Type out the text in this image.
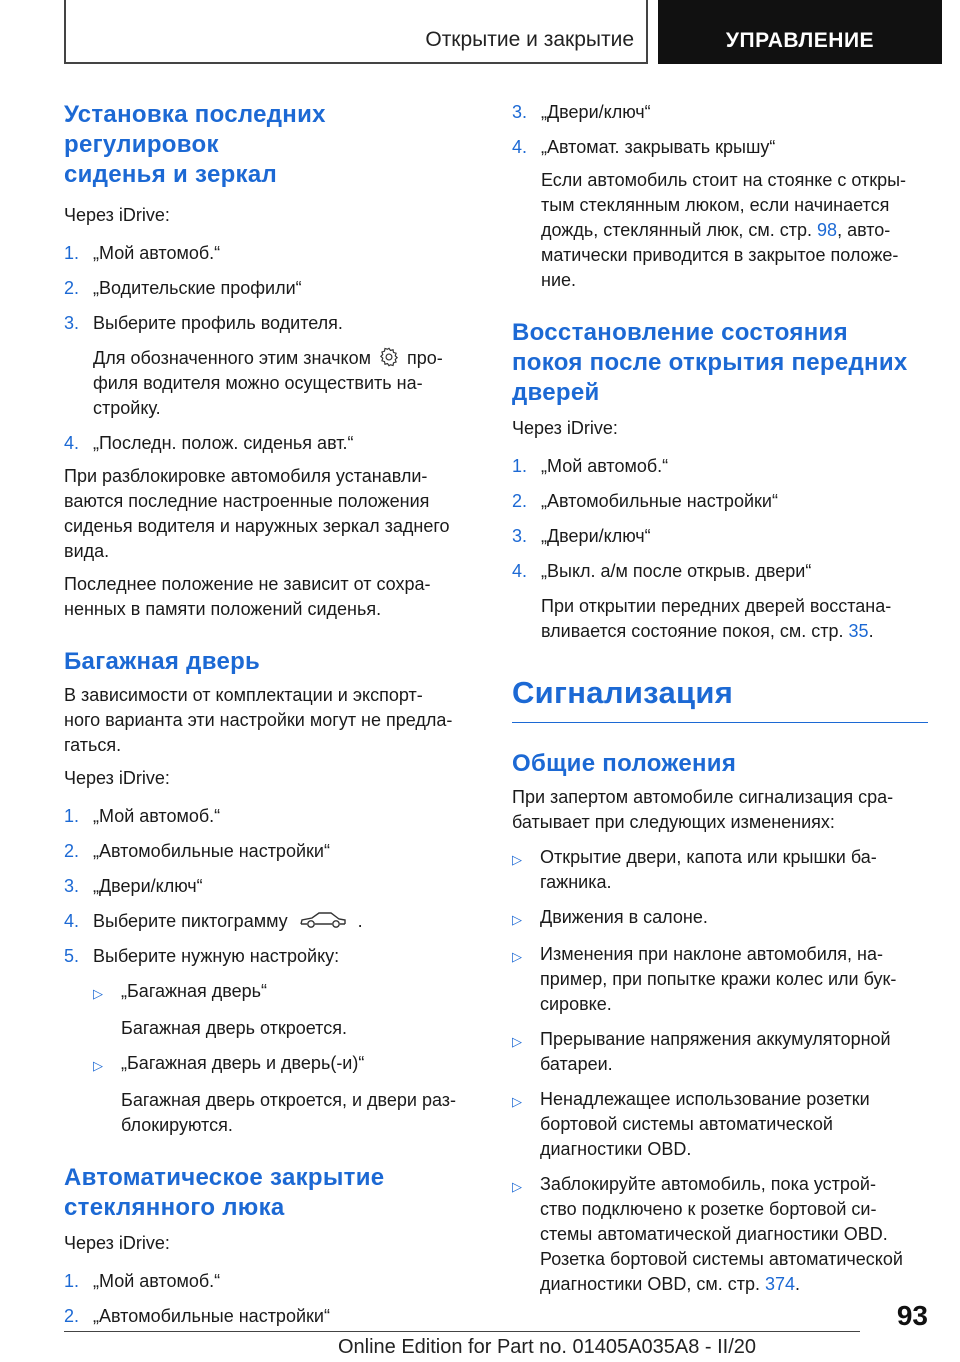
Открытие и закрытие	УПРАВЛЕНИЕ
Установка последних регулировок
сиденья и зеркал
Через iDrive:
1. „Мой автомоб.“
2. „Водительские профили“
3. Выберите профиль водителя.
Для обозначенного этим значком про-
филя водителя можно осуществить на-
стройку.
4. „Последн. полож. сиденья авт.“
При разблокировке автомобиля устанавли-
ваются последние настроенные положения
сиденья водителя и наружных зеркал заднего
вида.
Последнее положение не зависит от сохра-
ненных в памяти положений сиденья.
Багажная дверь
В зависимости от комплектации и экспорт-
ного варианта эти настройки могут не предла-
гаться.
Через iDrive:
1. „Мой автомоб.“
2. „Автомобильные настройки“
3. „Двери/ключ“
4. Выберите пиктограмму	.
5. Выберите нужную настройку:
▷	„Багажная дверь“
Багажная дверь откроется.
▷	„Багажная дверь и дверь(-и)“
Багажная дверь откроется, и двери раз-
блокируются.
Автоматическое закрытие
стеклянного люка
Через iDrive:
1. „Мой автомоб.“
2. „Автомобильные настройки“
3. „Двери/ключ“
4. „Автомат. закрывать крышу“
Если автомобиль стоит на стоянке с откры-
тым стеклянным люком, если начинается
дождь, стеклянный люк, см. стр. 98, авто-
матически приводится в закрытое положе-
ние.
Восстановление состояния
покоя после открытия передних
дверей
Через iDrive:
1. „Мой автомоб.“
2. „Автомобильные настройки“
3. „Двери/ключ“
4. „Выкл. а/м после открыв. двери“
При открытии передних дверей восстана-
вливается состояние покоя, см. стр. 35.
Сигнализация
Общие положения
При запертом автомобиле сигнализация сра-
батывает при следующих изменениях:
▷	Открытие двери, капота или крышки ба-
гажника.
▷	Движения в салоне.
▷	Изменения при наклоне автомобиля, на-
пример, при попытке кражи колес или бук-
сировке.
▷	Прерывание напряжения аккумуляторной
батареи.
▷	Ненадлежащее использование розетки
бортовой системы автоматической
диагностики OBD.
▷	Заблокируйте автомобиль, пока устрой-
ство подключено к розетке бортовой си-
стемы автоматической диагностики OBD.
Розетка бортовой системы автоматической
диагностики OBD, см. стр. 374.
93
Online Edition for Part no. 01405A035A8 - II/20
